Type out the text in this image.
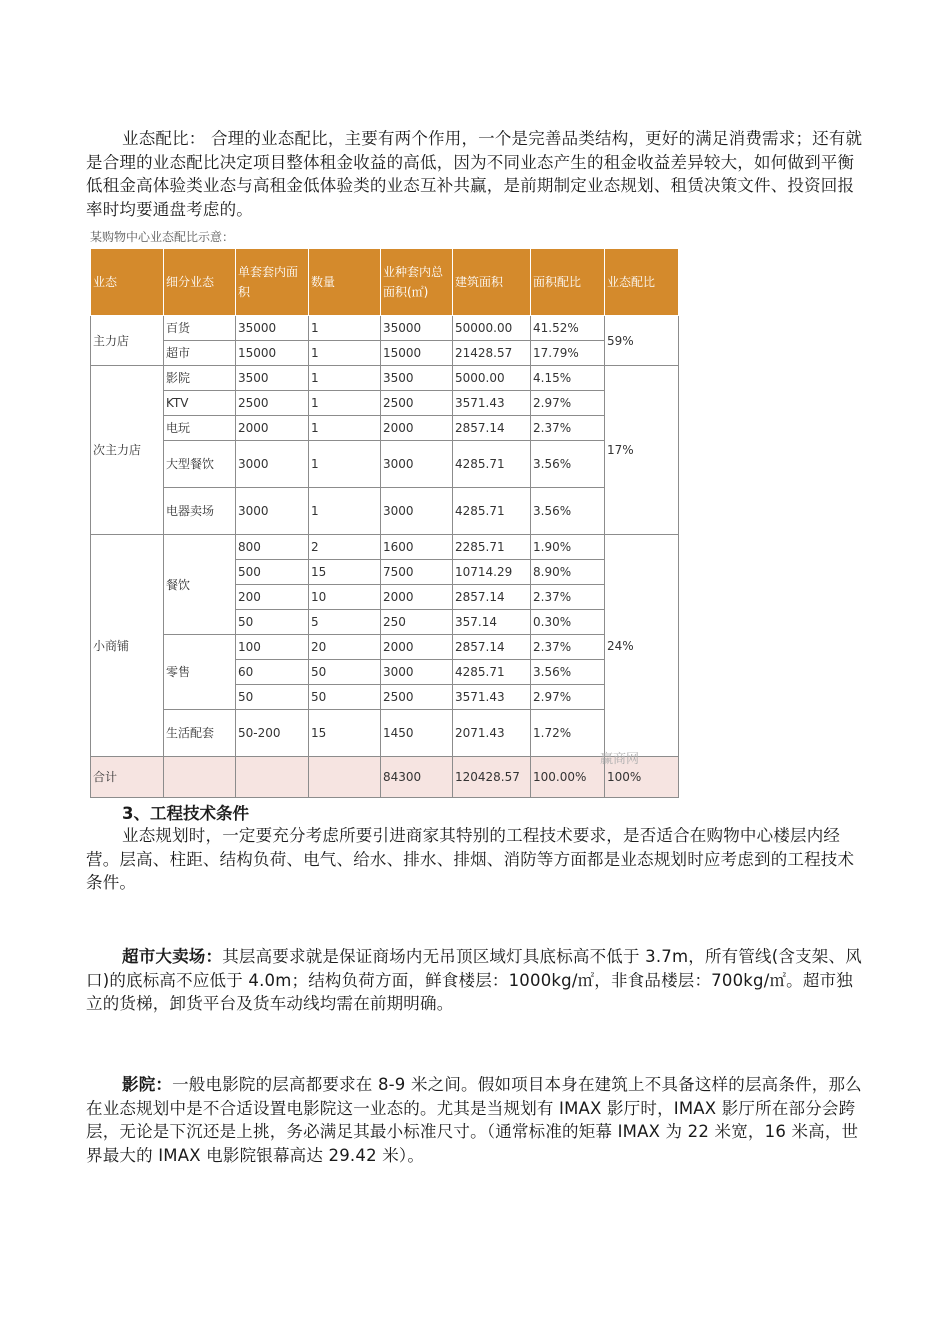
业态配比： 合理的业态配比，主要有两个作用，一个是完善品类结构，更好的满足消费需求；还有就是合理的业态配比决定项目整体租金收益的高低，因为不同业态产生的租金收益差异较大，如何做到平衡低租金高体验类业态与高租金低体验类的业态互补共赢，是前期制定业态规划、租赁决策文件、投资回报率时均要通盘考虑的。

某购物中心业态配比示意：

业态	细分业态	单套套内面积	数量	业种套内总面积(㎡)	建筑面积	面积配比	业态配比
主力店	百货	35000	1	35000	50000.00	41.52%	59%
	超市	15000	1	15000	21428.57	17.79%	
次主力店	影院	3500	1	3500	5000.00	4.15%	17%
	KTV	2500	1	2500	3571.43	2.97%	
	电玩	2000	1	2000	2857.14	2.37%	
	大型餐饮	3000	1	3000	4285.71	3.56%	
	电器卖场	3000	1	3000	4285.71	3.56%	
小商铺	餐饮	800	2	1600	2285.71	1.90%	24%
		500	15	7500	10714.29	8.90%	
		200	10	2000	2857.14	2.37%	
		50	5	250	357.14	0.30%	
	零售	100	20	2000	2857.14	2.37%	
		60	50	3000	4285.71	3.56%	
		50	50	2500	3571.43	2.97%	
	生活配套	50-200	15	1450	2071.43	1.72%	
合计				84300	120428.57	100.00%	100%
赢商网

3、工程技术条件

业态规划时，一定要充分考虑所要引进商家其特别的工程技术要求，是否适合在购物中心楼层内经营。层高、柱距、结构负荷、电气、给水、排水、排烟、消防等方面都是业态规划时应考虑到的工程技术条件。

超市大卖场：其层高要求就是保证商场内无吊顶区域灯具底标高不低于 3.7m，所有管线(含支架、风口)的底标高不应低于 4.0m；结构负荷方面，鲜食楼层：1000kg/㎡，非食品楼层：700kg/㎡。超市独立的货梯，卸货平台及货车动线均需在前期明确。

影院：一般电影院的层高都要求在 8-9 米之间。假如项目本身在建筑上不具备这样的层高条件，那么在业态规划中是不合适设置电影院这一业态的。尤其是当规划有 IMAX 影厅时，IMAX 影厅所在部分会跨层，无论是下沉还是上挑，务必满足其最小标准尺寸。（通常标准的矩幕 IMAX 为 22 米宽，16 米高，世界最大的 IMAX 电影院银幕高达 29.42 米）。
